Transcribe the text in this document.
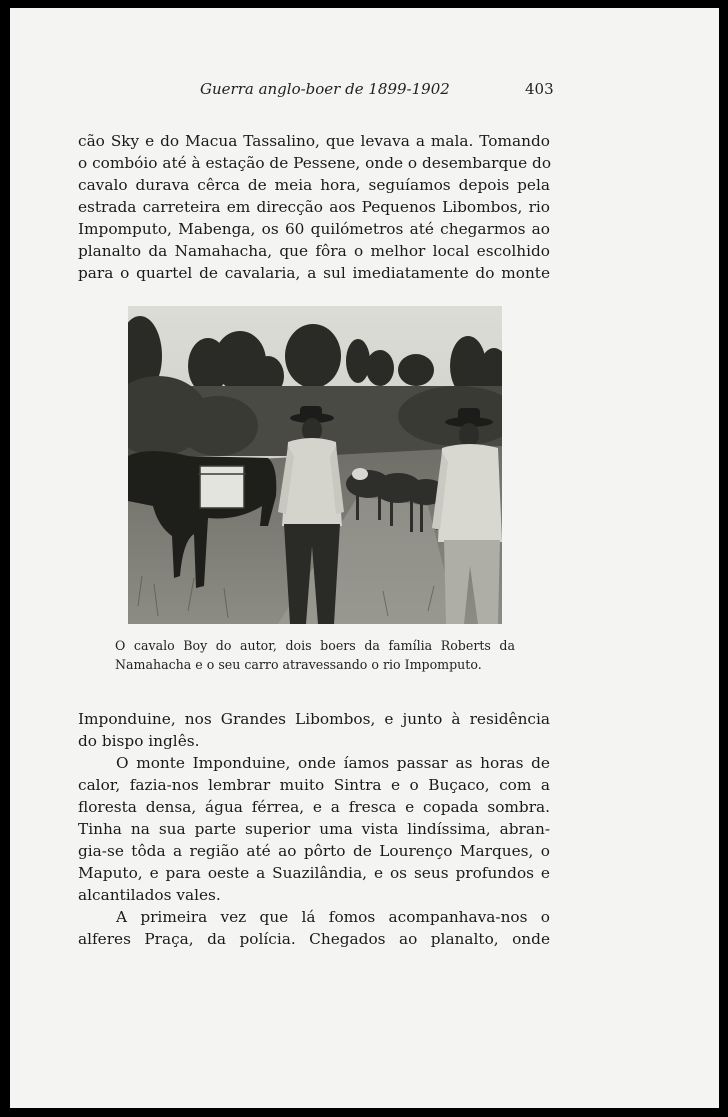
Guerra anglo-boer de 1899-1902	403
cão Sky e do Macua Tassalino, que levava a mala. Tomando
o combóio até à estação de Pessene, onde o desembarque do
cavalo durava cêrca de meia hora, seguíamos depois pela
estrada carreteira em direcção aos Pequenos Libombos, rio
Impomputo, Mabenga, os 60 quilómetros até chegarmos ao
planalto da Namahacha, que fôra o melhor local escolhido
para o quartel de cavalaria, a sul imediatamente do monte
O cavalo Boy do autor, dois boers da família Roberts da
Namahacha e o seu carro atravessando o rio Impomputo.
Imponduine, nos Grandes Libombos, e junto à residência
do bispo inglês.
O monte Imponduine, onde íamos passar as horas de
calor, fazia-nos lembrar muito Sintra e o Buçaco, com a
floresta densa, água férrea, e a fresca e copada sombra.
Tinha na sua parte superior uma vista lindíssima, abran-
gia-se tôda a região até ao pôrto de Lourenço Marques, o
Maputo, e para oeste a Suazilândia, e os seus profundos e
alcantilados vales.
A primeira vez que lá fomos acompanhava-nos o
alferes Praça, da polícia. Chegados ao planalto, onde
